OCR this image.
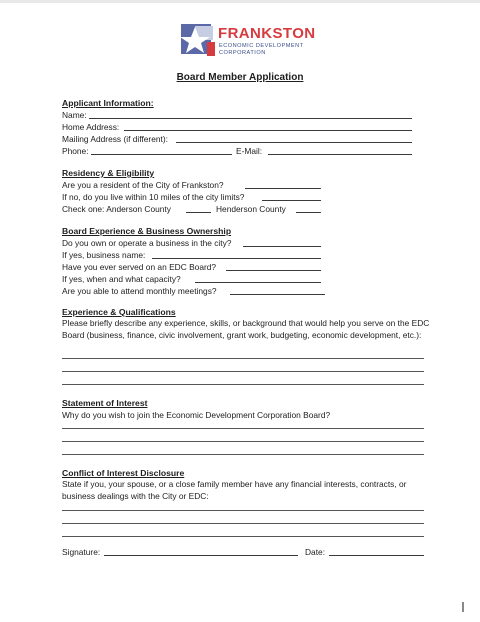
FRANKSTON
ECONOMIC DEVELOPMENT
CORPORATION
Board Member Application
Applicant Information:
Name:
Home Address:
Mailing Address (if different):
Phone:	E-Mail:
Residency & Eligibility
Are you a resident of the City of Frankston?
If no, do you live within 10 miles of the city limits?
Check one: Anderson County	Henderson County
Board Experience & Business Ownership
Do you own or operate a business in the city?
If yes, business name:
Have you ever served on an EDC Board?
If yes, when and what capacity?
Are you able to attend monthly meetings?
Experience & Qualifications
Please briefly describe any experience, skills, or background that would help you serve on the EDC Board (business, finance, civic involvement, grant work, budgeting, economic development, etc.):
Statement of Interest
Why do you wish to join the Economic Development Corporation Board?
Conflict of Interest Disclosure
State if you, your spouse, or a close family member have any financial interests, contracts, or business dealings with the City or EDC:
Signature:	Date:
